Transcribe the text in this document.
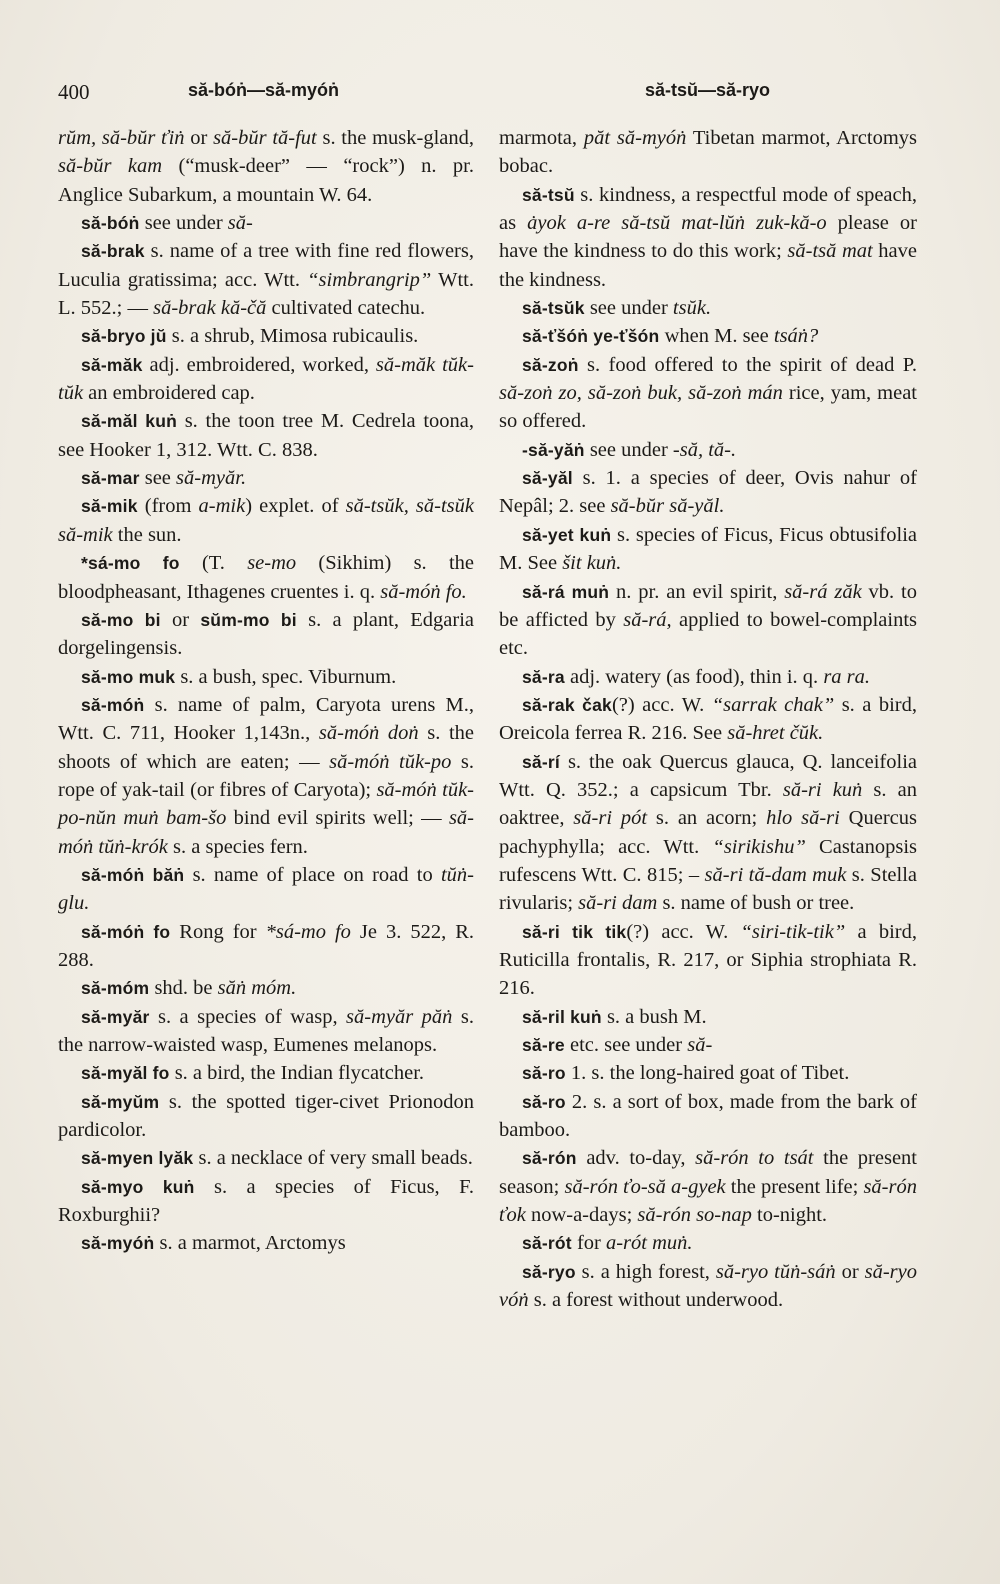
400	să-bóṅ—să-myóṅ	să-tsŭ—să-ryo

rŭm, să-bŭr ťiṅ or să-bŭr tă-fut s. the musk-gland, să-bŭr kam (“musk-deer” — “rock”) n. pr. Anglice Subarkum, a mountain W. 64.

să-bóṅ see under să-

să-brak s. name of a tree with fine red flowers, Luculia gratissima; acc. Wtt. “simbrangrip” Wtt. L. 552.; — să-brak kă-čă cultivated catechu.

să-bryo jŭ s. a shrub, Mimosa rubicaulis.

să-măk adj. embroidered, worked, să-măk tŭk-tŭk an embroidered cap.

să-măl kuṅ s. the toon tree M. Cedrela toona, see Hooker 1, 312. Wtt. C. 838.

să-mar see să-myăr.

să-mik (from a-mik) explet. of să-tsŭk, să-tsŭk să-mik the sun.

*sá-mo fo (T. se-mo (Sikhim) s. the bloodpheasant, Ithagenes cruentes i. q. să-móṅ fo.

să-mo bi or sŭm-mo bi s. a plant, Edgaria dorgelingensis.

să-mo muk s. a bush, spec. Viburnum.

să-móṅ s. name of palm, Caryota urens M., Wtt. C. 711, Hooker 1,143n., să-móṅ doṅ s. the shoots of which are eaten; — să-móṅ tŭk-po s. rope of yak-tail (or fibres of Caryota); să-móṅ tŭk-po-nŭn muṅ bam-šo bind evil spirits well; — să-móṅ tŭṅ-krók s. a species fern.

să-móṅ băṅ s. name of place on road to tŭṅ-glu.

să-móṅ fo Rong for *sá-mo fo Je 3. 522, R. 288.

să-móm shd. be săṅ móm.

să-myăr s. a species of wasp, să-myăr păṅ s. the narrow-waisted wasp, Eumenes melanops.

să-myăl fo s. a bird, the Indian flycatcher.

să-myŭm s. the spotted tiger-civet Prionodon pardicolor.

să-myen lyăk s. a necklace of very small beads.

să-myo kuṅ s. a species of Ficus, F. Roxburghii?

să-myóṅ s. a marmot, Arctomys

marmota, păt să-myóṅ Tibetan marmot, Arctomys bobac.

să-tsŭ s. kindness, a respectful mode of speach, as ȧyok a-re să-tsŭ mat-lŭṅ zuk-kă-o please or have the kindness to do this work; să-tsă mat have the kindness.

să-tsŭk see under tsŭk.

să-ťšóṅ ye-ťšón when M. see tsáṅ?

să-zoṅ s. food offered to the spirit of dead P. să-zoṅ zo, să-zoṅ buk, să-zoṅ mán rice, yam, meat so offered.

-să-yăṅ see under -să, tă-.

să-yăl s. 1. a species of deer, Ovis nahur of Nepâl; 2. see să-bŭr să-yăl.

să-yet kuṅ s. species of Ficus, Ficus obtusifolia M. See šit kuṅ.

să-rá muṅ n. pr. an evil spirit, să-rá zăk vb. to be afficted by să-rá, applied to bowel-complaints etc.

să-ra adj. watery (as food), thin i. q. ra ra.

să-rak čak(?) acc. W. “sarrak chak” s. a bird, Oreicola ferrea R. 216. See să-hret čŭk.

să-rí s. the oak Quercus glauca, Q. lanceifolia Wtt. Q. 352.; a capsicum Tbr. să-ri kuṅ s. an oaktree, să-ri pót s. an acorn; hlo să-ri Quercus pachyphylla; acc. Wtt. “sirikishu” Castanopsis rufescens Wtt. C. 815; – să-ri tă-dam muk s. Stella rivularis; să-ri dam s. name of bush or tree.

să-ri tik tik(?) acc. W. “siri-tik-tik” a bird, Ruticilla frontalis, R. 217, or Siphia strophiata R. 216.

să-ril kuṅ s. a bush M.

să-re etc. see under să-

să-ro 1. s. the long-haired goat of Tibet.

să-ro 2. s. a sort of box, made from the bark of bamboo.

să-rón adv. to-day, să-rón to tsát the present season; să-rón ťo-să a-gyek the present life; să-rón ťok now-a-days; să-rón so-nap to-night.

să-rót for a-rót muṅ.

să-ryo s. a high forest, să-ryo tŭṅ-sáṅ or să-ryo vóṅ s. a forest without underwood.
